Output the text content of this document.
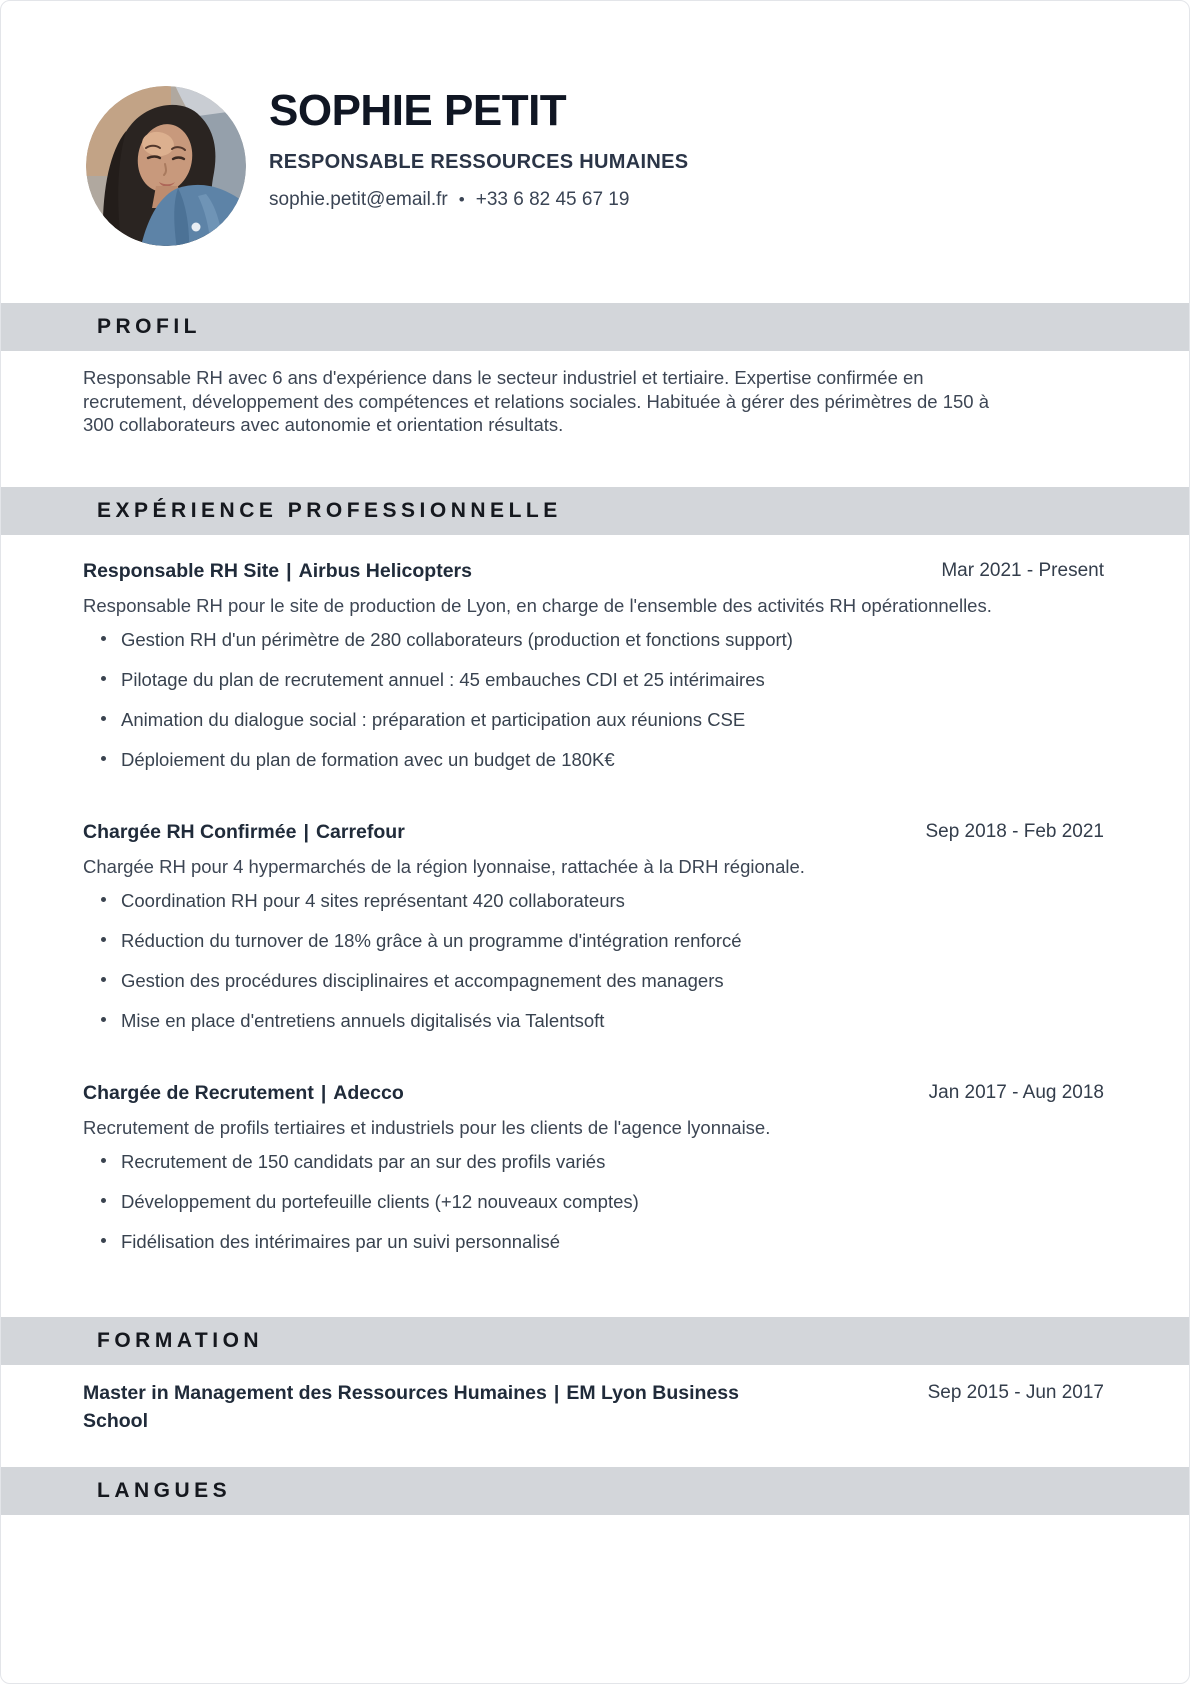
SOPHIE PETIT
RESPONSABLE RESSOURCES HUMAINES
sophie.petit@email.fr • +33 6 82 45 67 19
PROFIL

Responsable RH avec 6 ans d'expérience dans le secteur industriel et tertiaire. Expertise confirmée en recrutement, développement des compétences et relations sociales. Habituée à gérer des périmètres de 150 à 300 collaborateurs avec autonomie et orientation résultats.

EXPÉRIENCE PROFESSIONNELLE
Responsable RH Site | Airbus Helicopters	Mar 2021 - Present
Responsable RH pour le site de production de Lyon, en charge de l'ensemble des activités RH opérationnelles.
Gestion RH d'un périmètre de 280 collaborateurs (production et fonctions support)
Pilotage du plan de recrutement annuel : 45 embauches CDI et 25 intérimaires
Animation du dialogue social : préparation et participation aux réunions CSE
Déploiement du plan de formation avec un budget de 180K€
Chargée RH Confirmée | Carrefour	Sep 2018 - Feb 2021
Chargée RH pour 4 hypermarchés de la région lyonnaise, rattachée à la DRH régionale.
Coordination RH pour 4 sites représentant 420 collaborateurs
Réduction du turnover de 18% grâce à un programme d'intégration renforcé
Gestion des procédures disciplinaires et accompagnement des managers
Mise en place d'entretiens annuels digitalisés via Talentsoft
Chargée de Recrutement | Adecco	Jan 2017 - Aug 2018
Recrutement de profils tertiaires et industriels pour les clients de l'agence lyonnaise.
Recrutement de 150 candidats par an sur des profils variés
Développement du portefeuille clients (+12 nouveaux comptes)
Fidélisation des intérimaires par un suivi personnalisé
FORMATION
Master in Management des Ressources Humaines | EM Lyon Business School
Sep 2015 - Jun 2017
LANGUES
